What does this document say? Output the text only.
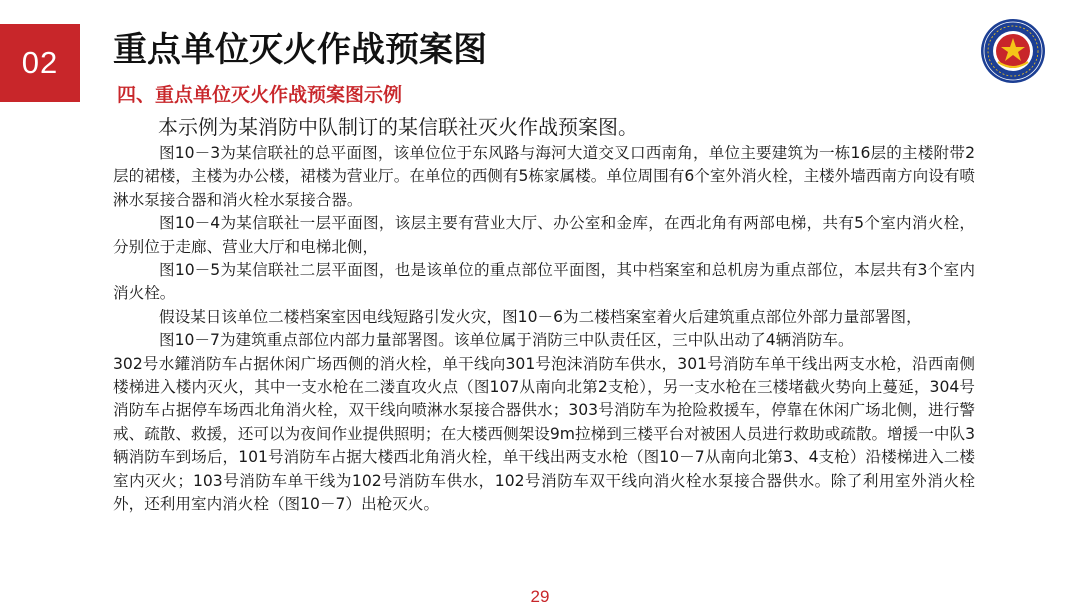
02	重点单位灭火作战预案图
四、重点单位灭火作战预案图示例

本示例为某消防中队制订的某信联社灭火作战预案图。

图10－3为某信联社的总平面图，该单位位于东风路与海河大道交叉口西南角，单位主要建筑为一栋16层的主楼附带2层的裙楼，主楼为办公楼，裙楼为营业厅。在单位的西侧有5栋家属楼。单位周围有6个室外消火栓，主楼外墙西南方向设有喷淋水泵接合器和消火栓水泵接合器。

图10－4为某信联社一层平面图，该层主要有营业大厅、办公室和金库，在西北角有两部电梯，共有5个室内消火栓，分别位于走廊、营业大厅和电梯北侧，

图10－5为某信联社二层平面图，也是该单位的重点部位平面图，其中档案室和总机房为重点部位，本层共有3个室内消火栓。

假设某日该单位二楼档案室因电线短路引发火灾，图10－6为二楼档案室着火后建筑重点部位外部力量部署图，

图10－7为建筑重点部位内部力量部署图。该单位属于消防三中队责任区，三中队出动了4辆消防车。

302号水鑵消防车占据休闲广场西侧的消火栓，单干线向301号泡沫消防车供水，301号消防车单干线出两支水枪，沿西南侧楼梯进入楼内灭火，其中一支水枪在二溇直攻火点（图107从南向北第2支枪），另一支水枪在三楼堵截火势向上蔓延，304号消防车占据停车场西北角消火栓，双干线向喷淋水泵接合器供水；303号消防车为抢险救援车，停靠在休闲广场北侧，进行警戒、疏散、救援，还可以为夜间作业提供照明；在大楼西侧架设9m拉梯到三楼平台对被困人员进行救助或疏散。增援一中队3辆消防车到场后，101号消防车占据大楼西北角消火栓，单干线出两支水枪（图10－7从南向北第3、4支枪）沿楼梯进入二楼室内灭火；103号消防车单干线为102号消防车供水，102号消防车双干线向消火栓水泵接合器供水。除了利用室外消火栓外，还利用室内消火栓（图10－7）出枪灭火。

29
